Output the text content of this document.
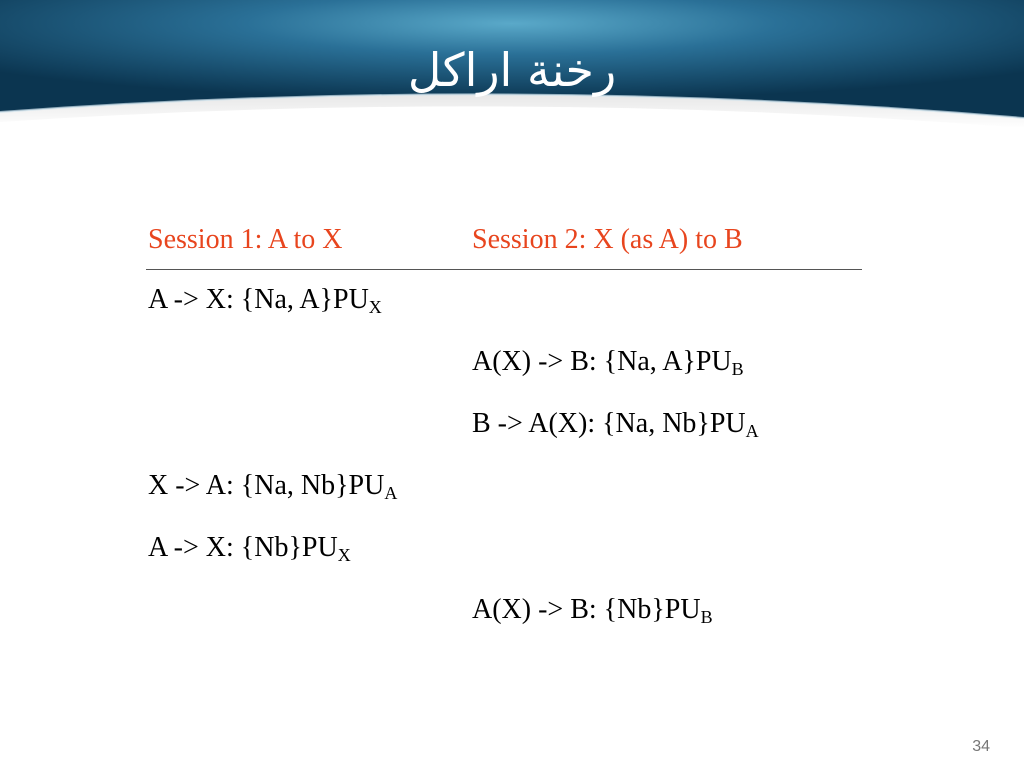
رخنة اراكل
Session 1: A to X	Session 2: X (as A) to B
A -> X: {Na, $A\}PU_X$
A(X) -> B: {Na, $A\}PU_B$
B -> A(X): {Na, $Nb\}PU_A$
X -> A: {Na, $Nb\}PU_A$
A -> X: $\{Nb\}PU_X$
A(X) -> B: $\{Nb\}PU_B$
34
